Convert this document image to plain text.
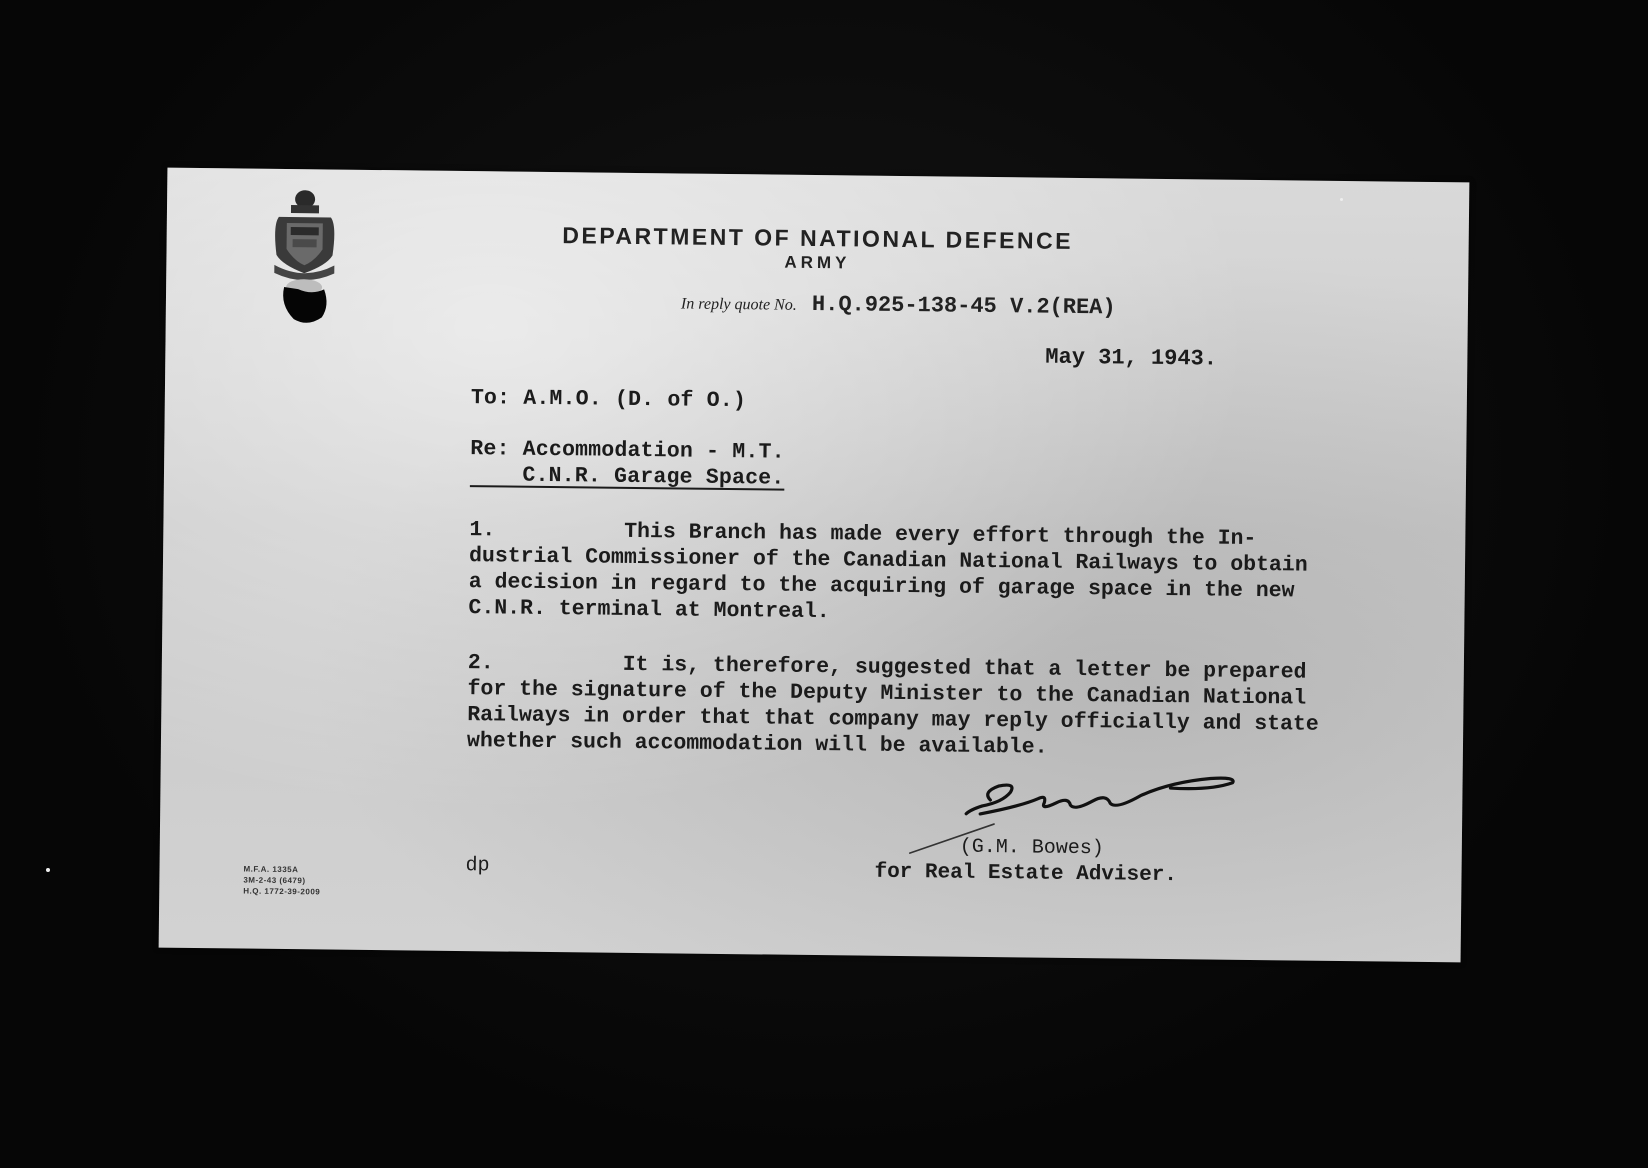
DEPARTMENT OF NATIONAL DEFENCE
ARMY
In reply quote No. H.Q.925-138-45 V.2(REA)
May 31, 1943.
To: A.M.O. (D. of O.)
Re: Accommodation - M.T.
C.N.R. Garage Space.
1.          This Branch has made every effort through the In-
dustrial Commissioner of the Canadian National Railways to obtain
a decision in regard to the acquiring of garage space in the new
C.N.R. terminal at Montreal.
2.          It is, therefore, suggested that a letter be prepared
for the signature of the Deputy Minister to the Canadian National
Railways in order that that company may reply officially and state
whether such accommodation will be available.
(G.M. Bowes)
for Real Estate Adviser.
dp
M.F.A. 1335A
3M-2-43 (6479)
H.Q. 1772-39-2009
